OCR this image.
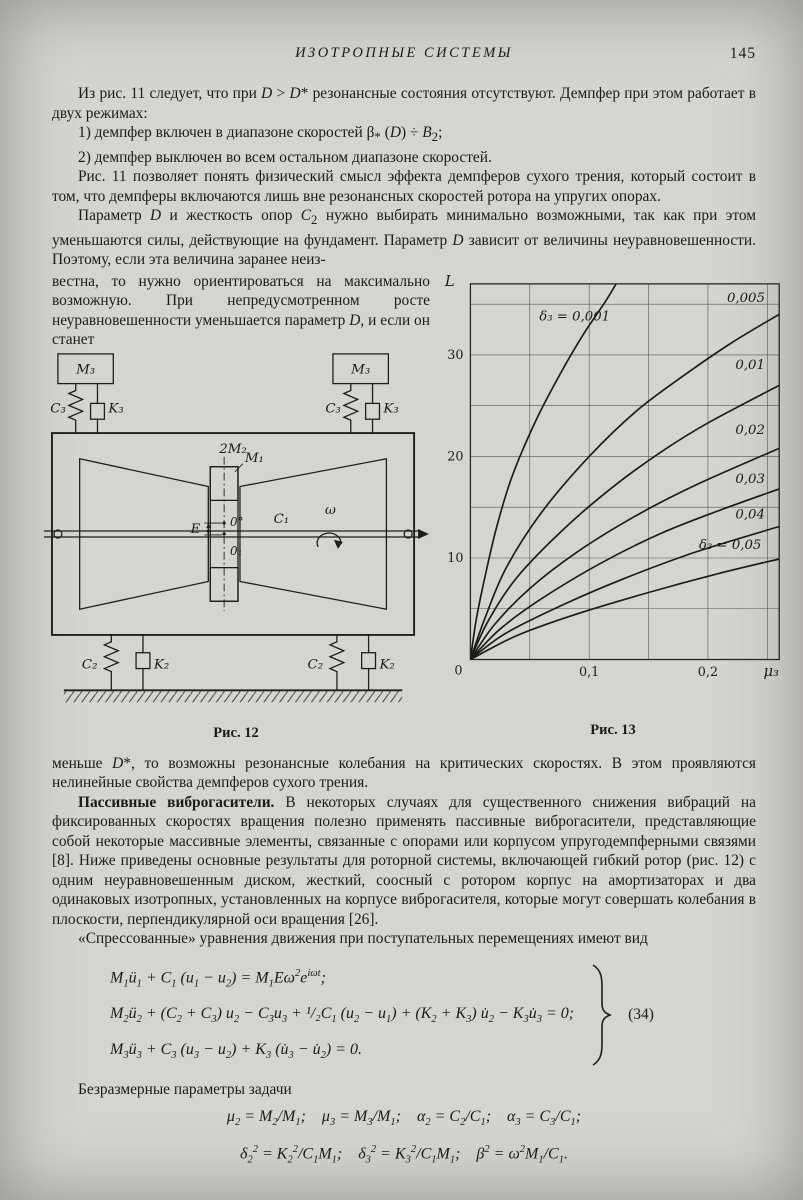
ИЗОТРОПНЫЕ СИСТЕМЫ	145

Из рис. 11 следует, что при D > D* резонансные состояния отсутствуют. Демпфер при этом работает в двух режимах:

1) демпфер включен в диапазоне скоростей $\beta_*$ $(D) \div B_2$;

2) демпфер выключен во всем остальном диапазоне скоростей.

Рис. 11 позволяет понять физический смысл эффекта демпферов сухого трения, который состоит в том, что демпферы включаются лишь вне резонансных скоростей ротора на упругих опорах.

Параметр D и жесткость опор $C_2$ нужно выбирать минимально возможными, так как при этом уменьшаются силы, действующие на фундамент. Параметр D зависит от величины неуравновешенности. Поэтому, если эта величина заранее неиз-

вестна, то нужно ориентироваться на максимально возможную. При непредусмотренном росте неуравновешенности уменьшается параметр D, и если он станет

M₃
C₃	K₃
M₃
C₃	K₃
2M₂
M₁
0°
0₁
E
C₁
ω
C₂	K₂	C₂	K₂
Рис. 12
δ₃ = 0,001
0,005
0,01
0,02
0,03
0,04
δ₃ = 0,05
10
20
30
0,1	0,2
0
L
μ₃
Рис. 13

меньше D*, то возможны резонансные колебания на критических скоростях. В этом проявляются нелинейные свойства демпферов сухого трения.

Пассивные виброгасители. В некоторых случаях для существенного снижения вибраций на фиксированных скоростях вращения полезно применять пассивные виброгасители, представляющие собой некоторые массивные элементы, связанные с опорами или корпусом упругодемпферными связями [8]. Ниже приведены основные результаты для роторной системы, включающей гибкий ротор (рис. 12) с одним неуравновешенным диском, жесткий, соосный с ротором корпус на амортизаторах и два одинаковых изотропных, установленных на корпусе виброгасителя, которые могут совершать колебания в плоскости, перпендикулярной оси вращения [26].

«Спрессованные» уравнения движения при поступательных перемещениях имеют вид

$M_1ü_1 + C_1$ $(u_1 - u_2) = M_1E\omega^2e^{i\omega t}$;
$M_2ü_2 + (C_2 + C_3) u_2 - C_3u_3 + ^1/_2C_1$ $(u_2 - u_1) + (K_2 + K_3)$ $u̇_2$ − $K_3u̇_3 = 0$;
$M_3ü_3 + C_3$ $(u_3 - u_2) + K_3$ ($u̇_3$ − $u̇_2) = 0$.
(34)

Безразмерные параметры задачи

$\mu_2 = M_2/M_1$;    $\mu_3 = M_3/M_1$;    $\alpha_2 = C_2/C_1$;    $\alpha_3 = C_3/C_1$;
$\delta_2^2 = K_2^2/C_1M_1$;    $\delta_3^2 = K_3^2/C_1M_1$;    $\beta^2 = \omega^2M_1/C_1$.
